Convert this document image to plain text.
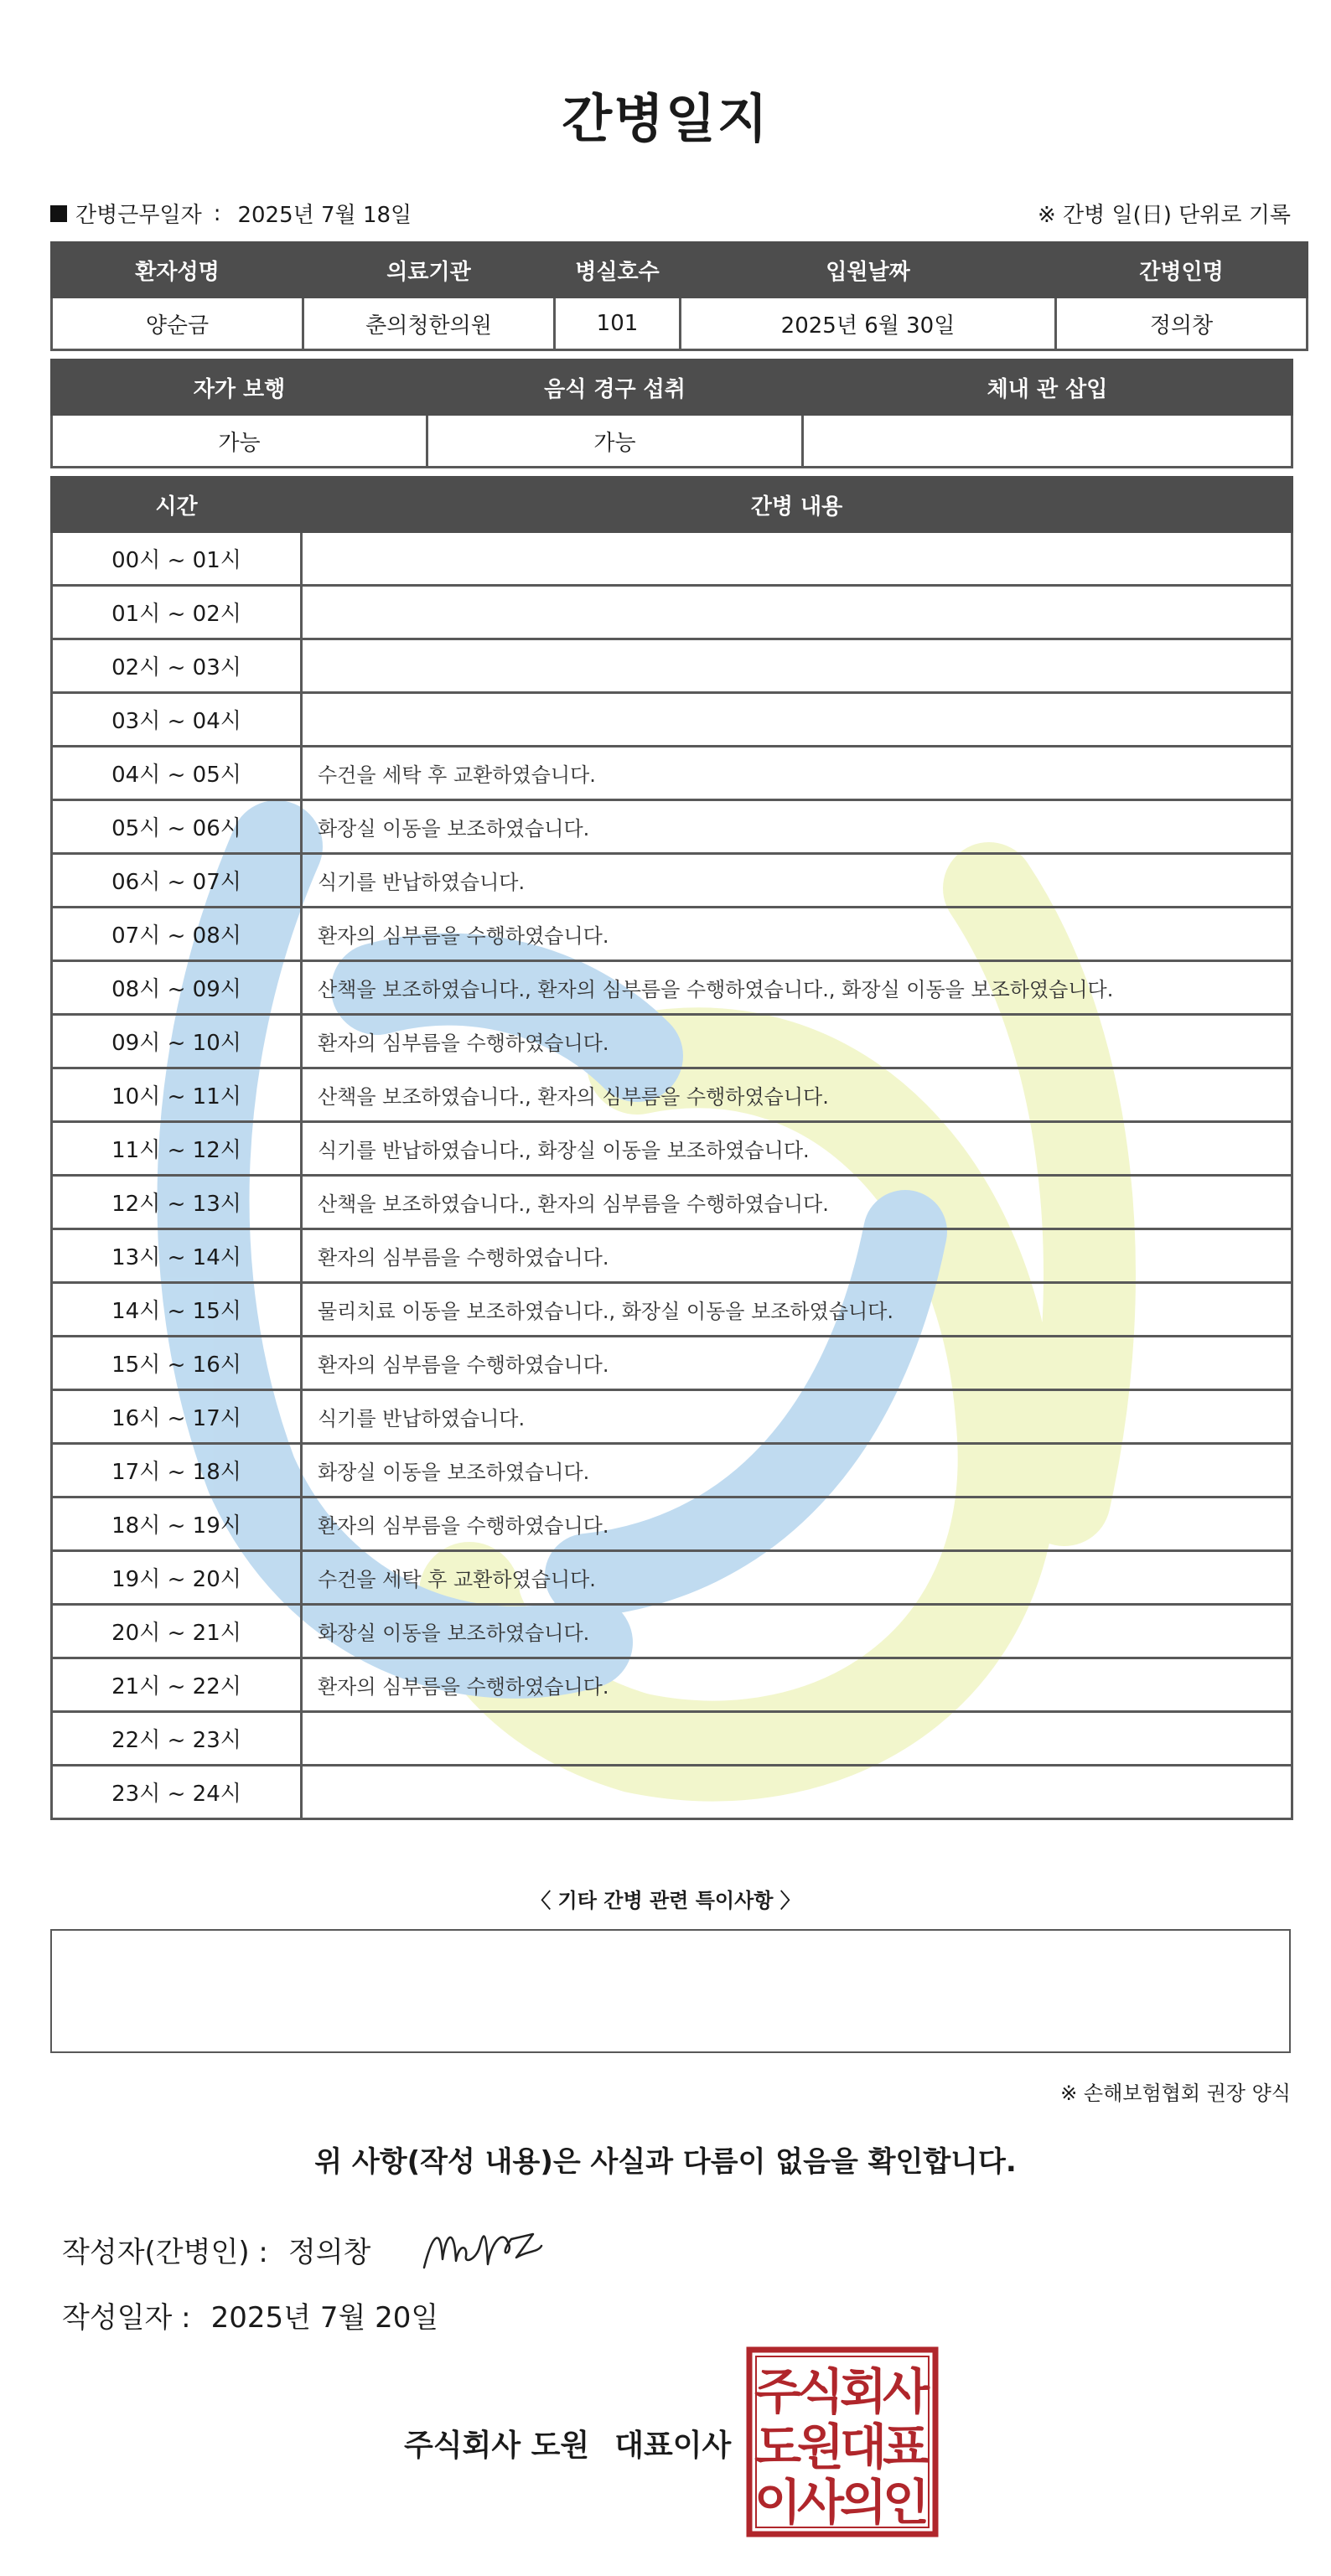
간병일지
간병근무일자 : 2025년 7월 18일	※ 간병 일(日) 단위로 기록
환자성명	의료기관	병실호수	입원날짜	간병인명
양순금	춘의청한의원	101	2025년 6월 30일	정의창
자가 보행	음식 경구 섭취	체내 관 삽입
가능	가능	
시간	간병 내용
00시 ~ 01시	
01시 ~ 02시	
02시 ~ 03시	
03시 ~ 04시	
04시 ~ 05시	수건을 세탁 후 교환하였습니다.
05시 ~ 06시	화장실 이동을 보조하였습니다.
06시 ~ 07시	식기를 반납하였습니다.
07시 ~ 08시	환자의 심부름을 수행하였습니다.
08시 ~ 09시	산책을 보조하였습니다., 환자의 심부름을 수행하였습니다., 화장실 이동을 보조하였습니다.
09시 ~ 10시	환자의 심부름을 수행하였습니다.
10시 ~ 11시	산책을 보조하였습니다., 환자의 심부름을 수행하였습니다.
11시 ~ 12시	식기를 반납하였습니다., 화장실 이동을 보조하였습니다.
12시 ~ 13시	산책을 보조하였습니다., 환자의 심부름을 수행하였습니다.
13시 ~ 14시	환자의 심부름을 수행하였습니다.
14시 ~ 15시	물리치료 이동을 보조하였습니다., 화장실 이동을 보조하였습니다.
15시 ~ 16시	환자의 심부름을 수행하였습니다.
16시 ~ 17시	식기를 반납하였습니다.
17시 ~ 18시	화장실 이동을 보조하였습니다.
18시 ~ 19시	환자의 심부름을 수행하였습니다.
19시 ~ 20시	수건을 세탁 후 교환하였습니다.
20시 ~ 21시	화장실 이동을 보조하였습니다.
21시 ~ 22시	환자의 심부름을 수행하였습니다.
22시 ~ 23시	
23시 ~ 24시	
〈 기타 간병 관련 특이사항 〉
※ 손해보험협회 권장 양식
위 사항(작성 내용)은 사실과 다름이 없음을 확인합니다.
작성자(간병인) : 정의창
작성일자 : 2025년 7월 20일
주식회사 도원 대표이사
주
식
회
사
도
원
대
표
이
사
의
인
